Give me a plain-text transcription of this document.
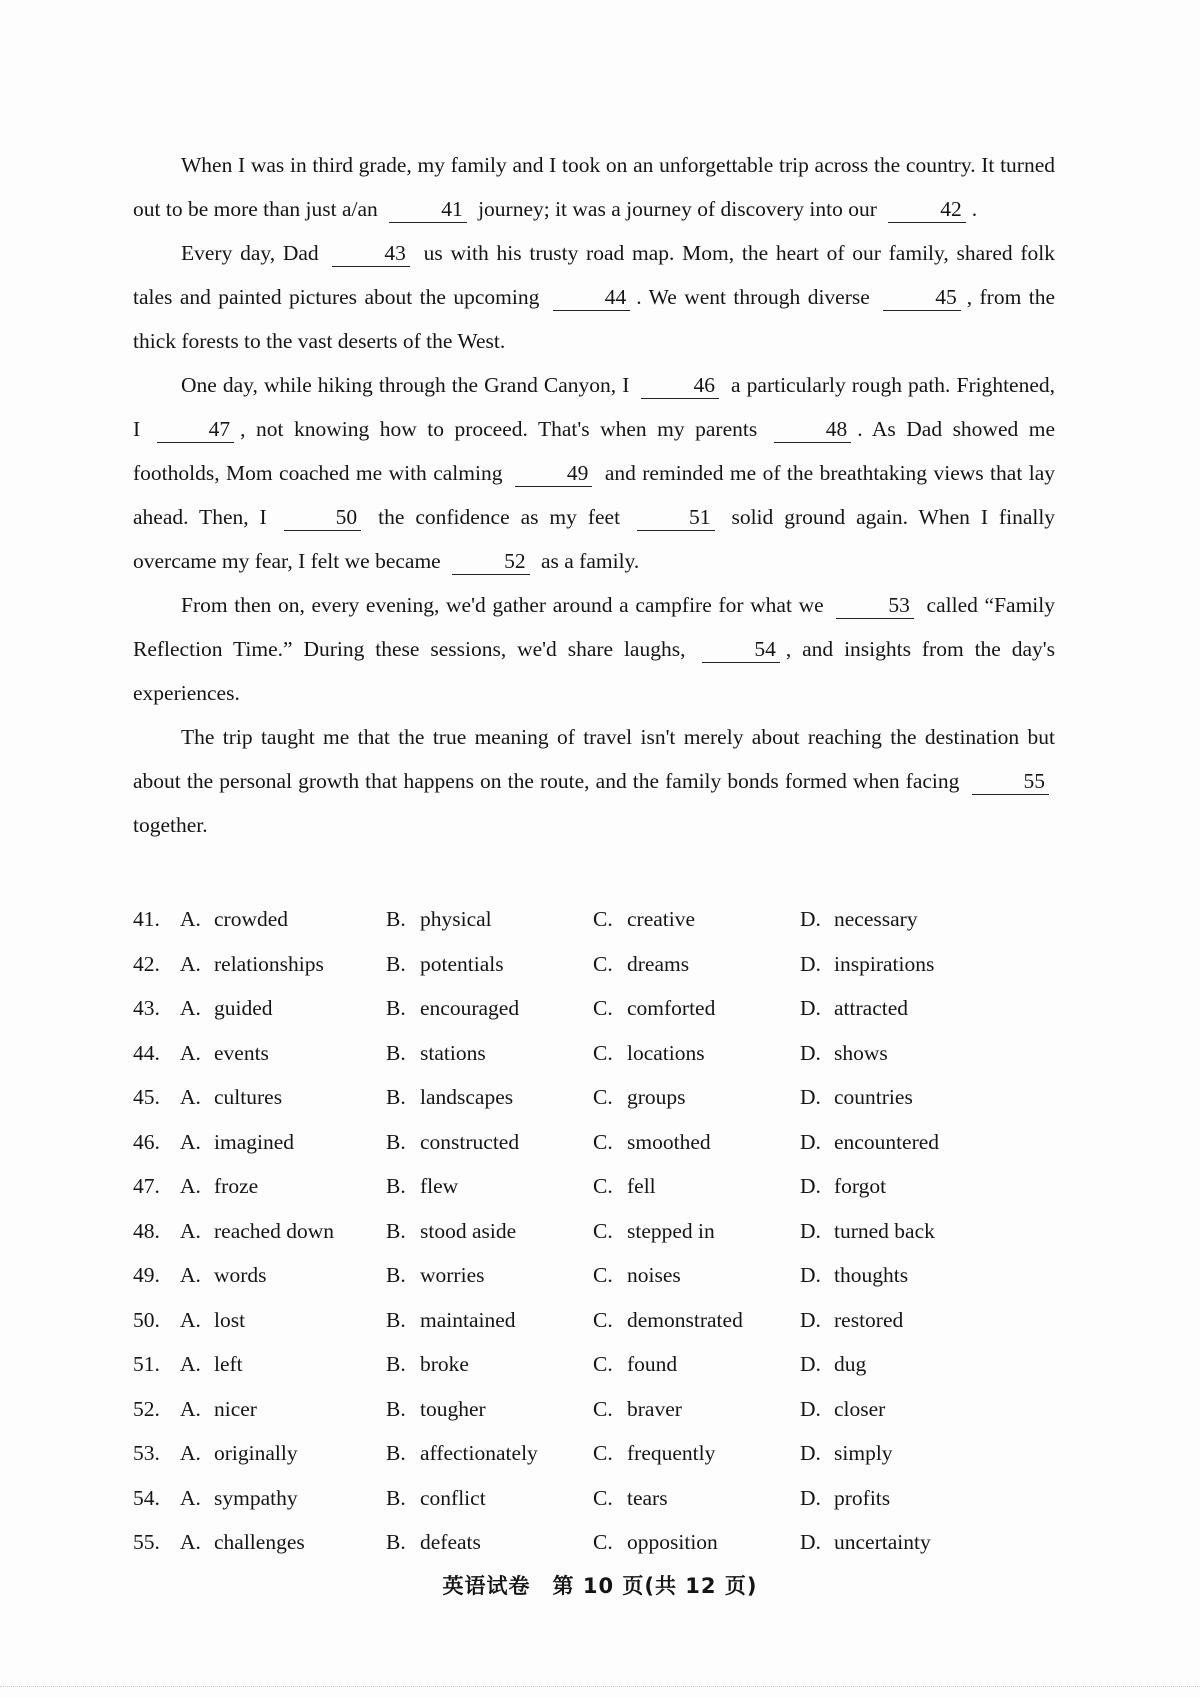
When I was in third grade, my family and I took on an unforgettable trip across the country. It turned out to be more than just a/an	41 journey; it was a journey of discovery into our	42 .

Every day, Dad	43 us with his trusty road map. Mom, the heart of our family, shared folk tales and painted pictures about the upcoming	44 . We went through diverse	45 , from the thick forests to the vast deserts of the West.

One day, while hiking through the Grand Canyon, I	46 a particularly rough path. Frightened, I	47 , not knowing how to proceed. That's when my parents	48 . As Dad showed me footholds, Mom coached me with calming	49 and reminded me of the breathtaking views that lay ahead. Then, I	50 the confidence as my feet	51 solid ground again. When I finally overcame my fear, I felt we became	52 as a family.

From then on, every evening, we'd gather around a campfire for what we	53 called “Family Reflection Time.” During these sessions, we'd share laughs,	54 , and insights from the day's experiences.

The trip taught me that the true meaning of travel isn't merely about reaching the destination but about the personal growth that happens on the route, and the family bonds formed when facing	55 together.

41. A. crowded	B. physical	C. creative	D. necessary
42. A. relationships	B. potentials	C. dreams	D. inspirations
43. A. guided	B. encouraged	C. comforted	D. attracted
44. A. events	B. stations	C. locations	D. shows
45. A. cultures	B. landscapes	C. groups	D. countries
46. A. imagined	B. constructed	C. smoothed	D. encountered
47. A. froze	B. flew	C. fell	D. forgot
48. A. reached down B. stood aside	C. stepped in	D. turned back
49. A. words	B. worries	C. noises	D. thoughts
50. A. lost	B. maintained	C. demonstrated	D. restored
51. A. left	B. broke	C. found	D. dug
52. A. nicer	B. tougher	C. braver	D. closer
53. A. originally	B. affectionately	C. frequently	D. simply
54. A. sympathy	B. conflict	C. tears	D. profits
55. A. challenges	B. defeats	C. opposition	D. uncertainty
英语试卷　第 10 页(共 12 页)
